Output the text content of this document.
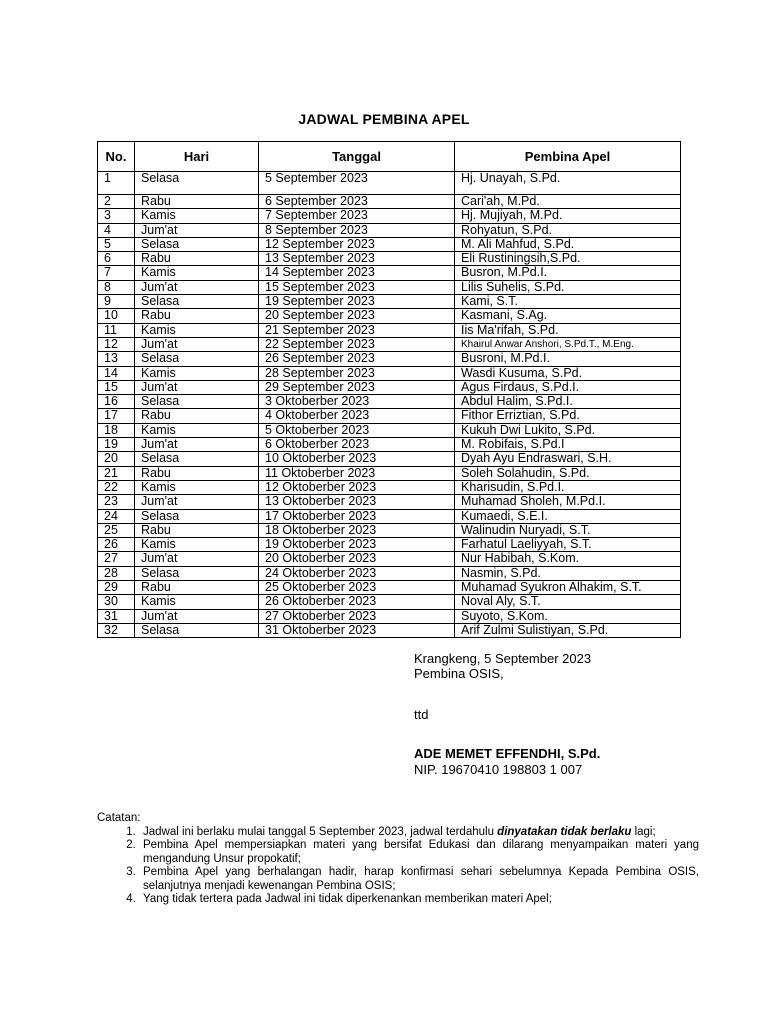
JADWAL PEMBINA APEL
No.	Hari	Tanggal	Pembina Apel
1	Selasa	5 September 2023	Hj. Unayah, S.Pd.
2	Rabu	6 September 2023	Cari'ah, M.Pd.
3	Kamis	7 September 2023	Hj. Mujiyah, M.Pd.
4	Jum'at	8 September 2023	Rohyatun, S.Pd.
5	Selasa	12 September 2023	M. Ali Mahfud, S.Pd.
6	Rabu	13 September 2023	Eli Rustiningsih,S.Pd.
7	Kamis	14 September 2023	Busron, M.Pd.I.
8	Jum'at	15 September 2023	Lilis Suhelis, S.Pd.
9	Selasa	19 September 2023	Kami, S.T.
10	Rabu	20 September 2023	Kasmani, S.Ag.
11	Kamis	21 September 2023	Iis Ma'rifah, S.Pd.
12	Jum'at	22 September 2023	Khairul Anwar Anshori, S.Pd.T., M.Eng.
13	Selasa	26 September 2023	Busroni, M.Pd.I.
14	Kamis	28 September 2023	Wasdi Kusuma, S.Pd.
15	Jum'at	29 September 2023	Agus Firdaus, S.Pd.I.
16	Selasa	3 Oktoberber 2023	Abdul Halim, S.Pd.I.
17	Rabu	4 Oktoberber 2023	Fithor Erriztian, S.Pd.
18	Kamis	5 Oktoberber 2023	Kukuh Dwi Lukito, S.Pd.
19	Jum'at	6 Oktoberber 2023	M. Robifais, S.Pd.I
20	Selasa	10 Oktoberber 2023	Dyah Ayu Endraswari, S.H.
21	Rabu	11 Oktoberber 2023	Soleh Solahudin, S.Pd.
22	Kamis	12 Oktoberber 2023	Kharisudin, S.Pd.I.
23	Jum'at	13 Oktoberber 2023	Muhamad Sholeh, M.Pd.I.
24	Selasa	17 Oktoberber 2023	Kumaedi, S.E.I.
25	Rabu	18 Oktoberber 2023	Walinudin Nuryadi, S.T.
26	Kamis	19 Oktoberber 2023	Farhatul Laeliyyah, S.T.
27	Jum'at	20 Oktoberber 2023	Nur Habibah, S.Kom.
28	Selasa	24 Oktoberber 2023	Nasmin, S.Pd.
29	Rabu	25 Oktoberber 2023	Muhamad Syukron Alhakim, S.T.
30	Kamis	26 Oktoberber 2023	Noval Aly, S.T.
31	Jum'at	27 Oktoberber 2023	Suyoto, S.Kom.
32	Selasa	31 Oktoberber 2023	Arif Zulmi Sulistiyan, S.Pd.
Krangkeng, 5 September 2023
Pembina OSIS,
ttd
ADE MEMET EFFENDHI, S.Pd.
NIP. 19670410 198803 1 007
Catatan:
1. Jadwal ini berlaku mulai tanggal 5 September 2023, jadwal terdahulu dinyatakan tidak berlaku lagi;
2. Pembina Apel mempersiapkan materi yang bersifat Edukasi dan dilarang menyampaikan materi yang mengandung Unsur propokatif;
3. Pembina Apel yang berhalangan hadir, harap konfirmasi sehari sebelumnya Kepada Pembina OSIS, selanjutnya menjadi kewenangan Pembina OSIS;
4. Yang tidak tertera pada Jadwal ini tidak diperkenankan memberikan materi Apel;
